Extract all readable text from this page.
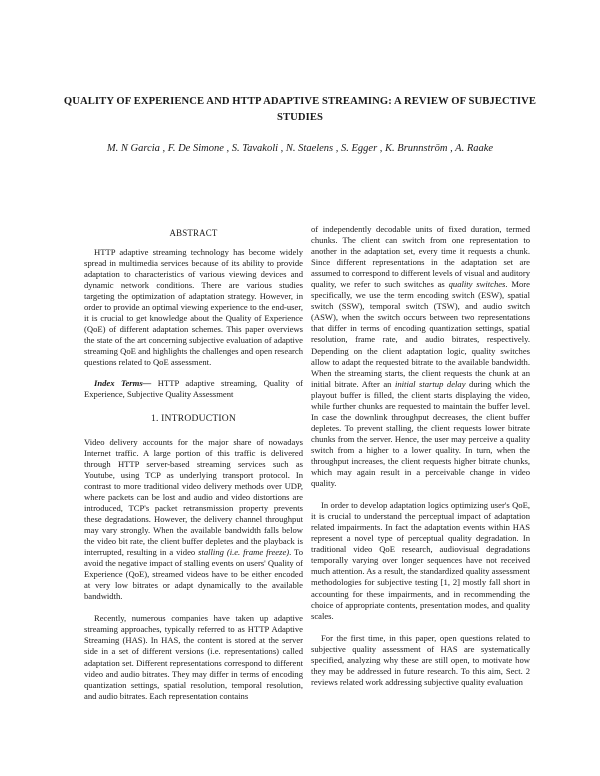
QUALITY OF EXPERIENCE AND HTTP ADAPTIVE STREAMING: A REVIEW OF SUBJECTIVE STUDIES
M. N Garcia , F. De Simone , S. Tavakoli , N. Staelens , S. Egger , K. Brunnström , A. Raake
ABSTRACT

HTTP adaptive streaming technology has become widely spread in multimedia services because of its ability to provide adaptation to characteristics of various viewing devices and dynamic network conditions. There are various studies targeting the optimization of adaptation strategy. However, in order to provide an optimal viewing experience to the end-user, it is crucial to get knowledge about the Quality of Experience (QoE) of different adaptation schemes. This paper overviews the state of the art concerning subjective evaluation of adaptive streaming QoE and highlights the challenges and open research questions related to QoE assessment.

Index Terms— HTTP adaptive streaming, Quality of Experience, Subjective Quality Assessment

1. INTRODUCTION

Video delivery accounts for the major share of nowadays Internet traffic. A large portion of this traffic is delivered through HTTP server-based streaming services such as Youtube, using TCP as underlying transport protocol. In contrast to more traditional video delivery methods over UDP, where packets can be lost and audio and video distortions are introduced, TCP's packet retransmission property prevents these degradations. However, the delivery channel throughput may vary strongly. When the available bandwidth falls below the video bit rate, the client buffer depletes and the playback is interrupted, resulting in a video stalling (i.e. frame freeze). To avoid the negative impact of stalling events on users' Quality of Experience (QoE), streamed videos have to be either encoded at very low bitrates or adapt dynamically to the available bandwidth.

Recently, numerous companies have taken up adaptive streaming approaches, typically referred to as HTTP Adaptive Streaming (HAS). In HAS, the content is stored at the server side in a set of different versions (i.e. representations) called adaptation set. Different representations correspond to different video and audio bitrates. They may differ in terms of encoding quantization settings, spatial resolution, temporal resolution, and audio bitrates. Each representation contains

of independently decodable units of fixed duration, termed chunks. The client can switch from one representation to another in the adaptation set, every time it requests a chunk. Since different representations in the adaptation set are assumed to correspond to different levels of visual and auditory quality, we refer to such switches as quality switches. More specifically, we use the term encoding switch (ESW), spatial switch (SSW), temporal switch (TSW), and audio switch (ASW), when the switch occurs between two representations that differ in terms of encoding quantization settings, spatial resolution, frame rate, and audio bitrates, respectively. Depending on the client adaptation logic, quality switches allow to adapt the requested bitrate to the available bandwidth. When the streaming starts, the client requests the chunk at an initial bitrate. After an initial startup delay during which the playout buffer is filled, the client starts displaying the video, while further chunks are requested to maintain the buffer level. In case the downlink throughput decreases, the client buffer depletes. To prevent stalling, the client requests lower bitrate chunks from the server. Hence, the user may perceive a quality switch from a higher to a lower quality. In turn, when the throughput increases, the client requests higher bitrate chunks, which may again result in a perceivable change in video quality.

In order to develop adaptation logics optimizing user's QoE, it is crucial to understand the perceptual impact of adaptation related impairments. In fact the adaptation events within HAS represent a novel type of perceptual quality degradation. In traditional video QoE research, audiovisual degradations temporally varying over longer sequences have not received much attention. As a result, the standardized quality assessment methodologies for subjective testing [1, 2] mostly fall short in accounting for these impairments, and in recommending the choice of appropriate contents, presentation modes, and quality scales.

For the first time, in this paper, open questions related to subjective quality assessment of HAS are systematically specified, analyzing why these are still open, to motivate how they may be addressed in future research. To this aim, Sect. 2 reviews related work addressing subjective quality evaluation
